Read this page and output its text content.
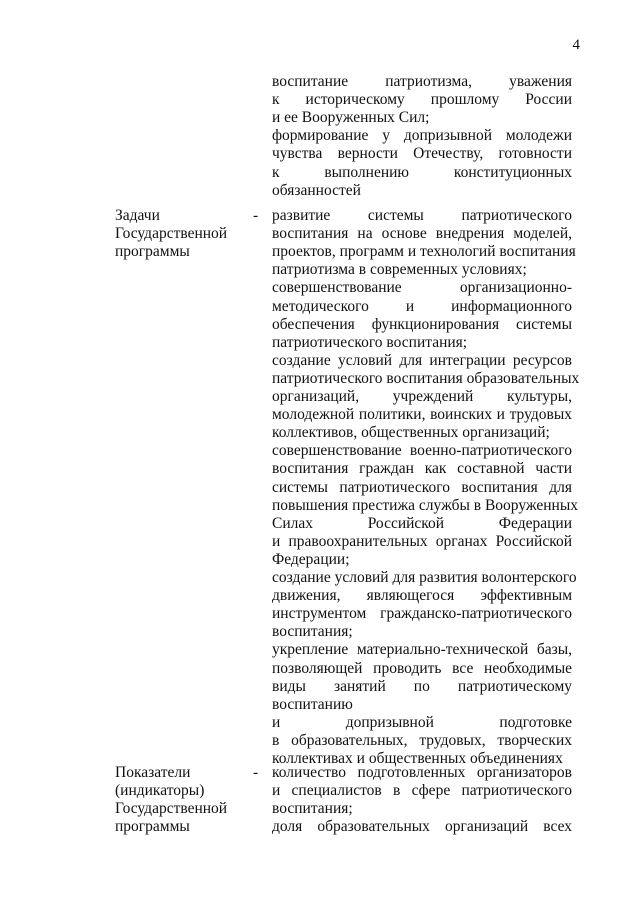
4
воспитание патриотизма, уважения
к историческому прошлому России
и ее Вооруженных Сил;
формирование у допризывной молодежи
чувства верности Отечеству, готовности
к выполнению конституционных
обязанностей
Задачи
Государственной
программы
- развитие системы патриотического
воспитания на основе внедрения моделей,
проектов, программ и технологий воспитания
патриотизма в современных условиях;
совершенствование организационно-
методического и информационного
обеспечения функционирования системы
патриотического воспитания;
создание условий для интеграции ресурсов
патриотического воспитания образовательных
организаций, учреждений культуры,
молодежной политики, воинских и трудовых
коллективов, общественных организаций;
совершенствование военно-патриотического
воспитания граждан как составной части
системы патриотического воспитания для
повышения престижа службы в Вооруженных
Силах Российской Федерации
и правоохранительных органах Российской
Федерации;
создание условий для развития волонтерского
движения, являющегося эффективным
инструментом гражданско-патриотического
воспитания;
укрепление материально-технической базы,
позволяющей проводить все необходимые
виды занятий по патриотическому
воспитанию
и допризывной подготовке
в образовательных, трудовых, творческих
коллективах и общественных объединениях
Показатели
(индикаторы)
Государственной
программы
- количество подготовленных организаторов
и специалистов в сфере патриотического
воспитания;
доля образовательных организаций всех
